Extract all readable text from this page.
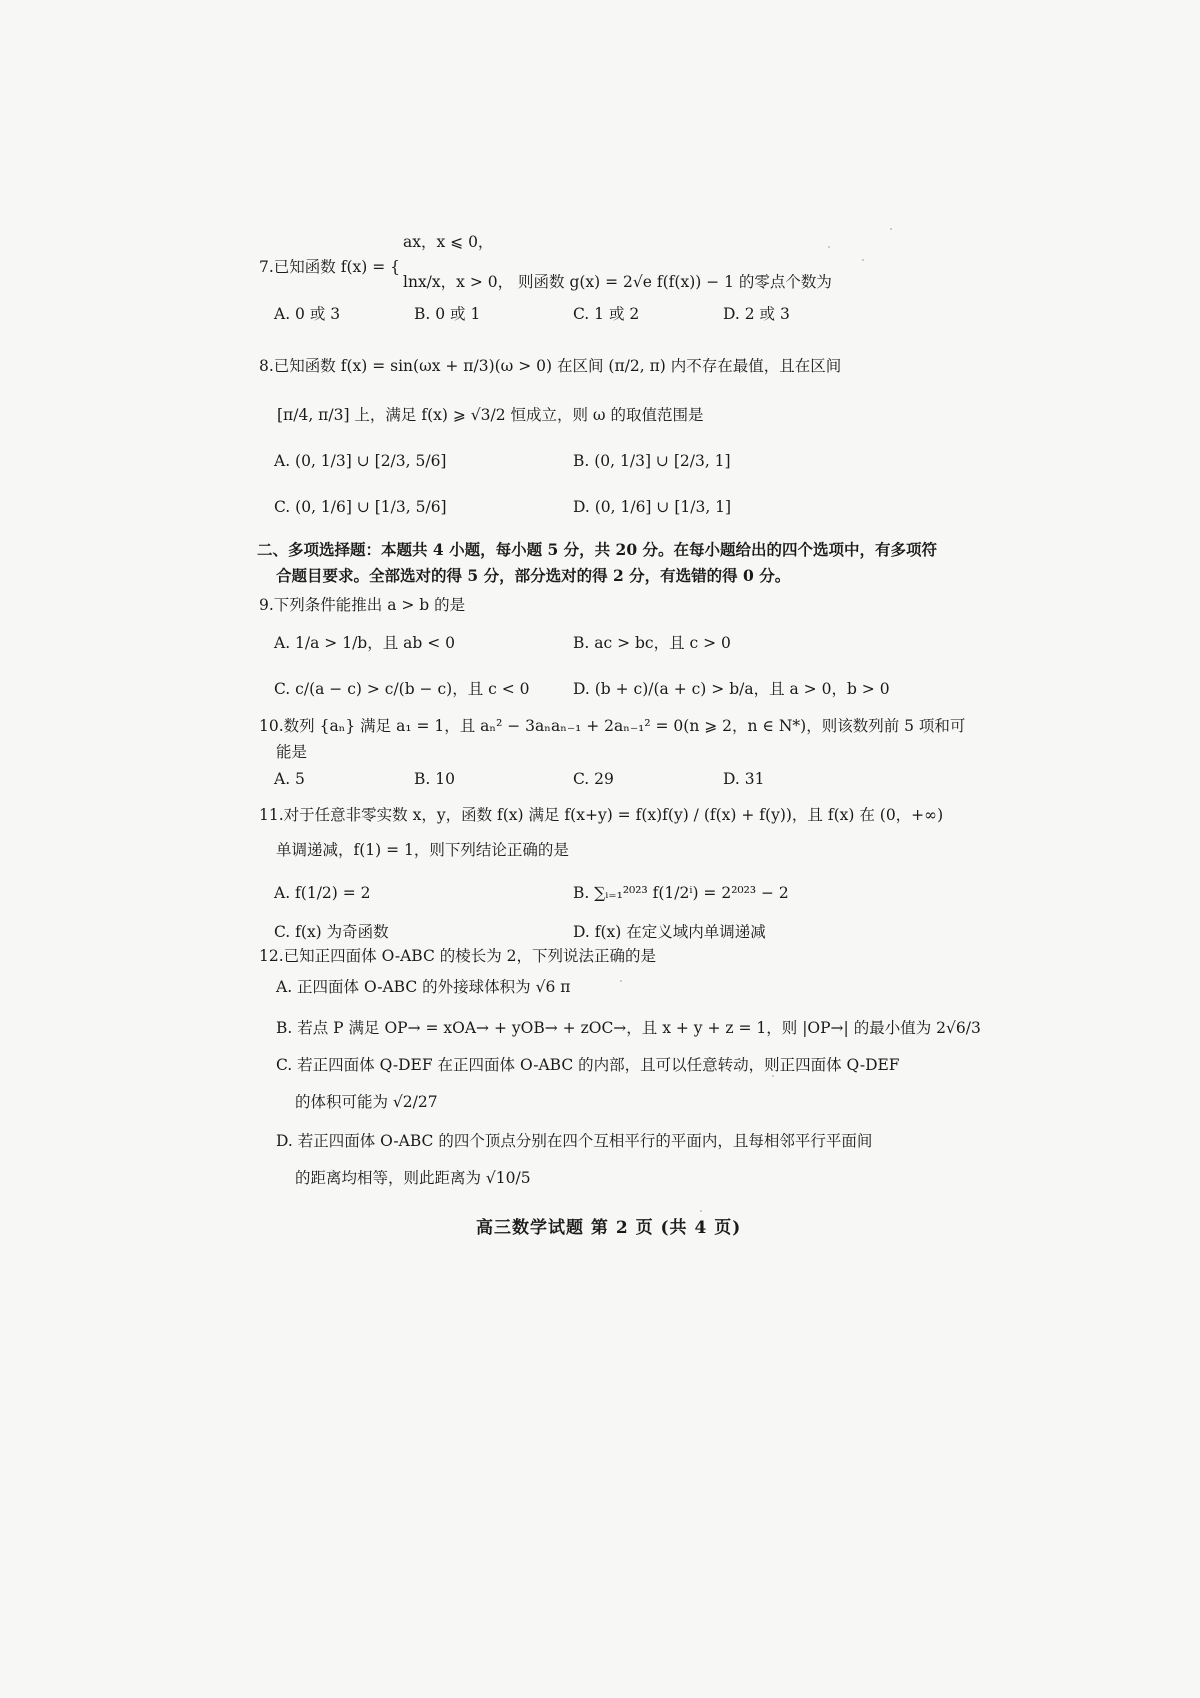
ax，x ⩽ 0，
7.已知函数 f(x) = {
lnx/x，x > 0， 则函数 g(x) = 2√e f(f(x)) − 1 的零点个数为
A. 0 或 3	B. 0 或 1	C. 1 或 2	D. 2 或 3
8.已知函数 f(x) = sin(ωx + π/3)(ω > 0) 在区间 (π/2, π) 内不存在最值，且在区间
[π/4, π/3] 上，满足 f(x) ⩾ √3/2 恒成立，则 ω 的取值范围是
A. (0, 1/3] ∪ [2/3, 5/6]	B. (0, 1/3] ∪ [2/3, 1]
C. (0, 1/6] ∪ [1/3, 5/6]	D. (0, 1/6] ∪ [1/3, 1]
二、多项选择题：本题共 4 小题，每小题 5 分，共 20 分。在每小题给出的四个选项中，有多项符
合题目要求。全部选对的得 5 分，部分选对的得 2 分，有选错的得 0 分。
9.下列条件能推出 a > b 的是
A. 1/a > 1/b，且 ab < 0	B. ac > bc，且 c > 0
C. c/(a − c) > c/(b − c)，且 c < 0	D. (b + c)/(a + c) > b/a，且 a > 0，b > 0
10.数列 {aₙ} 满足 a₁ = 1，且 aₙ² − 3aₙaₙ₋₁ + 2aₙ₋₁² = 0(n ⩾ 2，n ∈ N*)，则该数列前 5 项和可
能是
A. 5	B. 10	C. 29	D. 31
11.对于任意非零实数 x，y，函数 f(x) 满足 f(x+y) = f(x)f(y) / (f(x) + f(y))，且 f(x) 在 (0，+∞)
单调递减，f(1) = 1，则下列结论正确的是
A. f(1/2) = 2	B. ∑ᵢ₌₁²⁰²³ f(1/2ⁱ) = 2²⁰²³ − 2
C. f(x) 为奇函数	D. f(x) 在定义域内单调递减
12.已知正四面体 O-ABC 的棱长为 2，下列说法正确的是
A. 正四面体 O-ABC 的外接球体积为 √6 π
B. 若点 P 满足 OP→ = xOA→ + yOB→ + zOC→，且 x + y + z = 1，则 |OP→| 的最小值为 2√6/3
C. 若正四面体 Q-DEF 在正四面体 O-ABC 的内部，且可以任意转动，则正四面体 Q-DEF
的体积可能为 √2/27
D. 若正四面体 O-ABC 的四个顶点分别在四个互相平行的平面内，且每相邻平行平面间
的距离均相等，则此距离为 √10/5
高三数学试题 第 2 页 (共 4 页)
